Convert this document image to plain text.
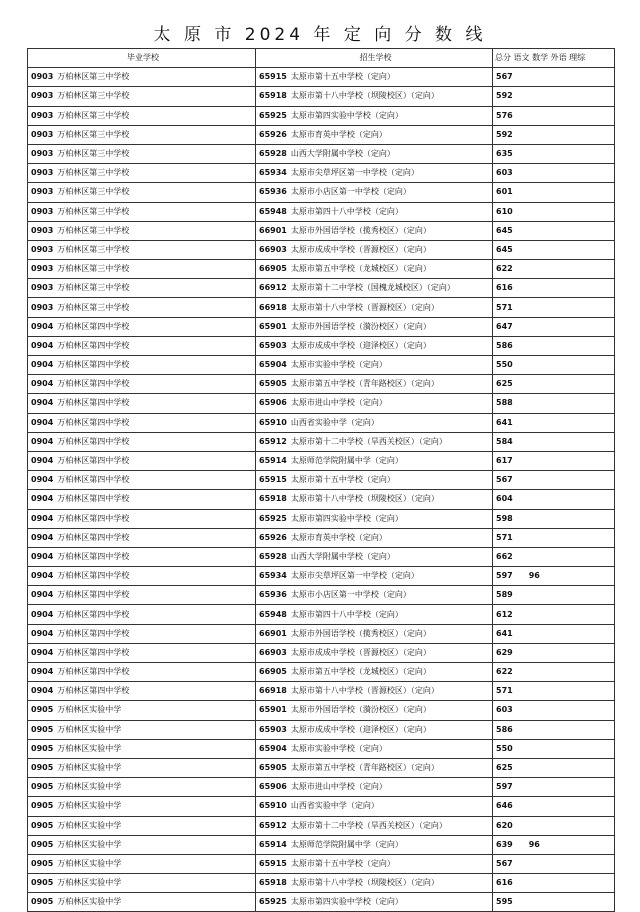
太 原 市 2024 年 定 向 分 数 线
毕业学校	招生学校	总分 语文 数学 外语 理综
0903 万柏林区第三中学校	65915 太原市第十五中学校（定向）	567
0903 万柏林区第三中学校	65918 太原市第十八中学校（坝陵校区）（定向）	592
0903 万柏林区第三中学校	65925 太原市第四实验中学校（定向）	576
0903 万柏林区第三中学校	65926 太原市育英中学校（定向）	592
0903 万柏林区第三中学校	65928 山西大学附属中学校（定向）	635
0903 万柏林区第三中学校	65934 太原市尖草坪区第一中学校（定向）	603
0903 万柏林区第三中学校	65936 太原市小店区第一中学校（定向）	601
0903 万柏林区第三中学校	65948 太原市第四十八中学校（定向）	610
0903 万柏林区第三中学校	66901 太原市外国语学校（揽秀校区）（定向）	645
0903 万柏林区第三中学校	66903 太原市成成中学校（晋源校区）（定向）	645
0903 万柏林区第三中学校	66905 太原市第五中学校（龙城校区）（定向）	622
0903 万柏林区第三中学校	66912 太原市第十二中学校（国槐龙城校区）（定向）	616
0903 万柏林区第三中学校	66918 太原市第十八中学校（晋源校区）（定向）	571
0904 万柏林区第四中学校	65901 太原市外国语学校（漪汾校区）（定向）	647
0904 万柏林区第四中学校	65903 太原市成成中学校（迎泽校区）（定向）	586
0904 万柏林区第四中学校	65904 太原市实验中学校（定向）	550
0904 万柏林区第四中学校	65905 太原市第五中学校（青年路校区）（定向）	625
0904 万柏林区第四中学校	65906 太原市进山中学校（定向）	588
0904 万柏林区第四中学校	65910 山西省实验中学（定向）	641
0904 万柏林区第四中学校	65912 太原市第十二中学校（旱西关校区）（定向）	584
0904 万柏林区第四中学校	65914 太原师范学院附属中学（定向）	617
0904 万柏林区第四中学校	65915 太原市第十五中学校（定向）	567
0904 万柏林区第四中学校	65918 太原市第十八中学校（坝陵校区）（定向）	604
0904 万柏林区第四中学校	65925 太原市第四实验中学校（定向）	598
0904 万柏林区第四中学校	65926 太原市育英中学校（定向）	571
0904 万柏林区第四中学校	65928 山西大学附属中学校（定向）	662
0904 万柏林区第四中学校	65934 太原市尖草坪区第一中学校（定向）	597 96
0904 万柏林区第四中学校	65936 太原市小店区第一中学校（定向）	589
0904 万柏林区第四中学校	65948 太原市第四十八中学校（定向）	612
0904 万柏林区第四中学校	66901 太原市外国语学校（揽秀校区）（定向）	641
0904 万柏林区第四中学校	66903 太原市成成中学校（晋源校区）（定向）	629
0904 万柏林区第四中学校	66905 太原市第五中学校（龙城校区）（定向）	622
0904 万柏林区第四中学校	66918 太原市第十八中学校（晋源校区）（定向）	571
0905 万柏林区实验中学	65901 太原市外国语学校（漪汾校区）（定向）	603
0905 万柏林区实验中学	65903 太原市成成中学校（迎泽校区）（定向）	586
0905 万柏林区实验中学	65904 太原市实验中学校（定向）	550
0905 万柏林区实验中学	65905 太原市第五中学校（青年路校区）（定向）	625
0905 万柏林区实验中学	65906 太原市进山中学校（定向）	597
0905 万柏林区实验中学	65910 山西省实验中学（定向）	646
0905 万柏林区实验中学	65912 太原市第十二中学校（旱西关校区）（定向）	620
0905 万柏林区实验中学	65914 太原师范学院附属中学（定向）	639 96
0905 万柏林区实验中学	65915 太原市第十五中学校（定向）	567
0905 万柏林区实验中学	65918 太原市第十八中学校（坝陵校区）（定向）	616
0905 万柏林区实验中学	65925 太原市第四实验中学校（定向）	595
